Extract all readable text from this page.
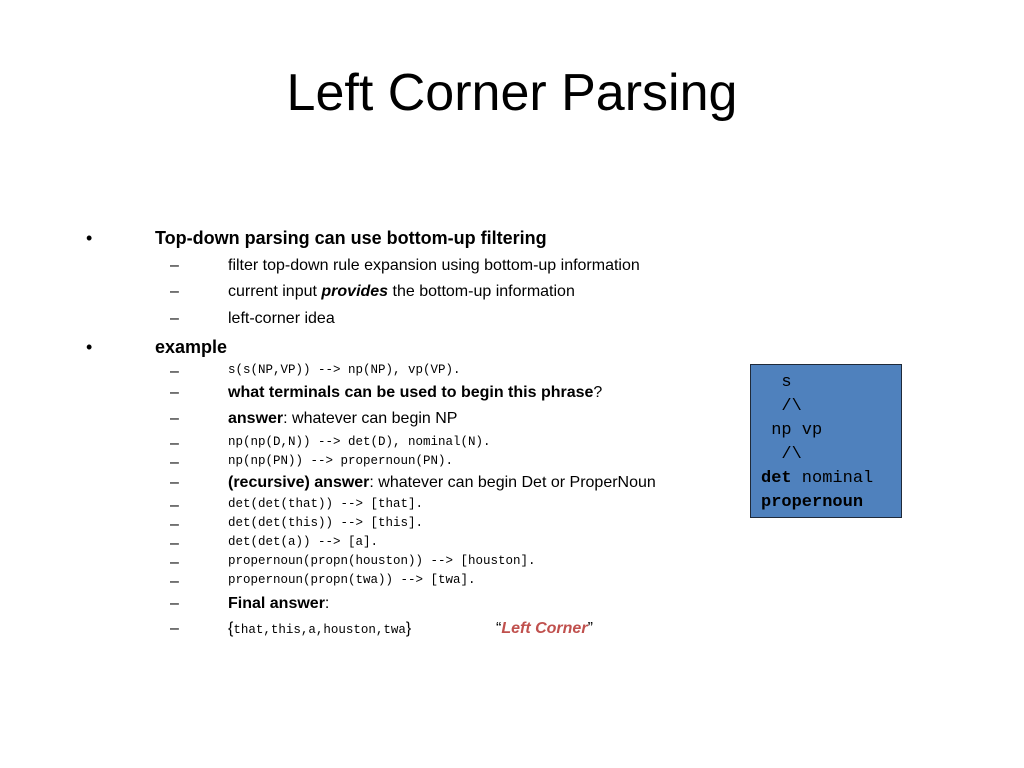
Left Corner Parsing
•	Top-down parsing can use bottom-up filtering
–	filter top-down rule expansion using bottom-up information
–	current input provides the bottom-up information
–	left-corner idea
•	example
–	s(s(NP,VP)) --> np(NP), vp(VP).
–	what terminals can be used to begin this phrase?
–	answer: whatever can begin NP
–	np(np(D,N)) --> det(D), nominal(N).
–	np(np(PN)) --> propernoun(PN).
–	(recursive) answer: whatever can begin Det or ProperNoun
–	det(det(that)) --> [that].
–	det(det(this)) --> [this].
–	det(det(a)) --> [a].
–	propernoun(propn(houston)) --> [houston].
–	propernoun(propn(twa)) --> [twa].
–	Final answer:
–	{that,this,a,houston,twa}	“Left Corner”
s
/\
np vp
/\
det nominal
propernoun
